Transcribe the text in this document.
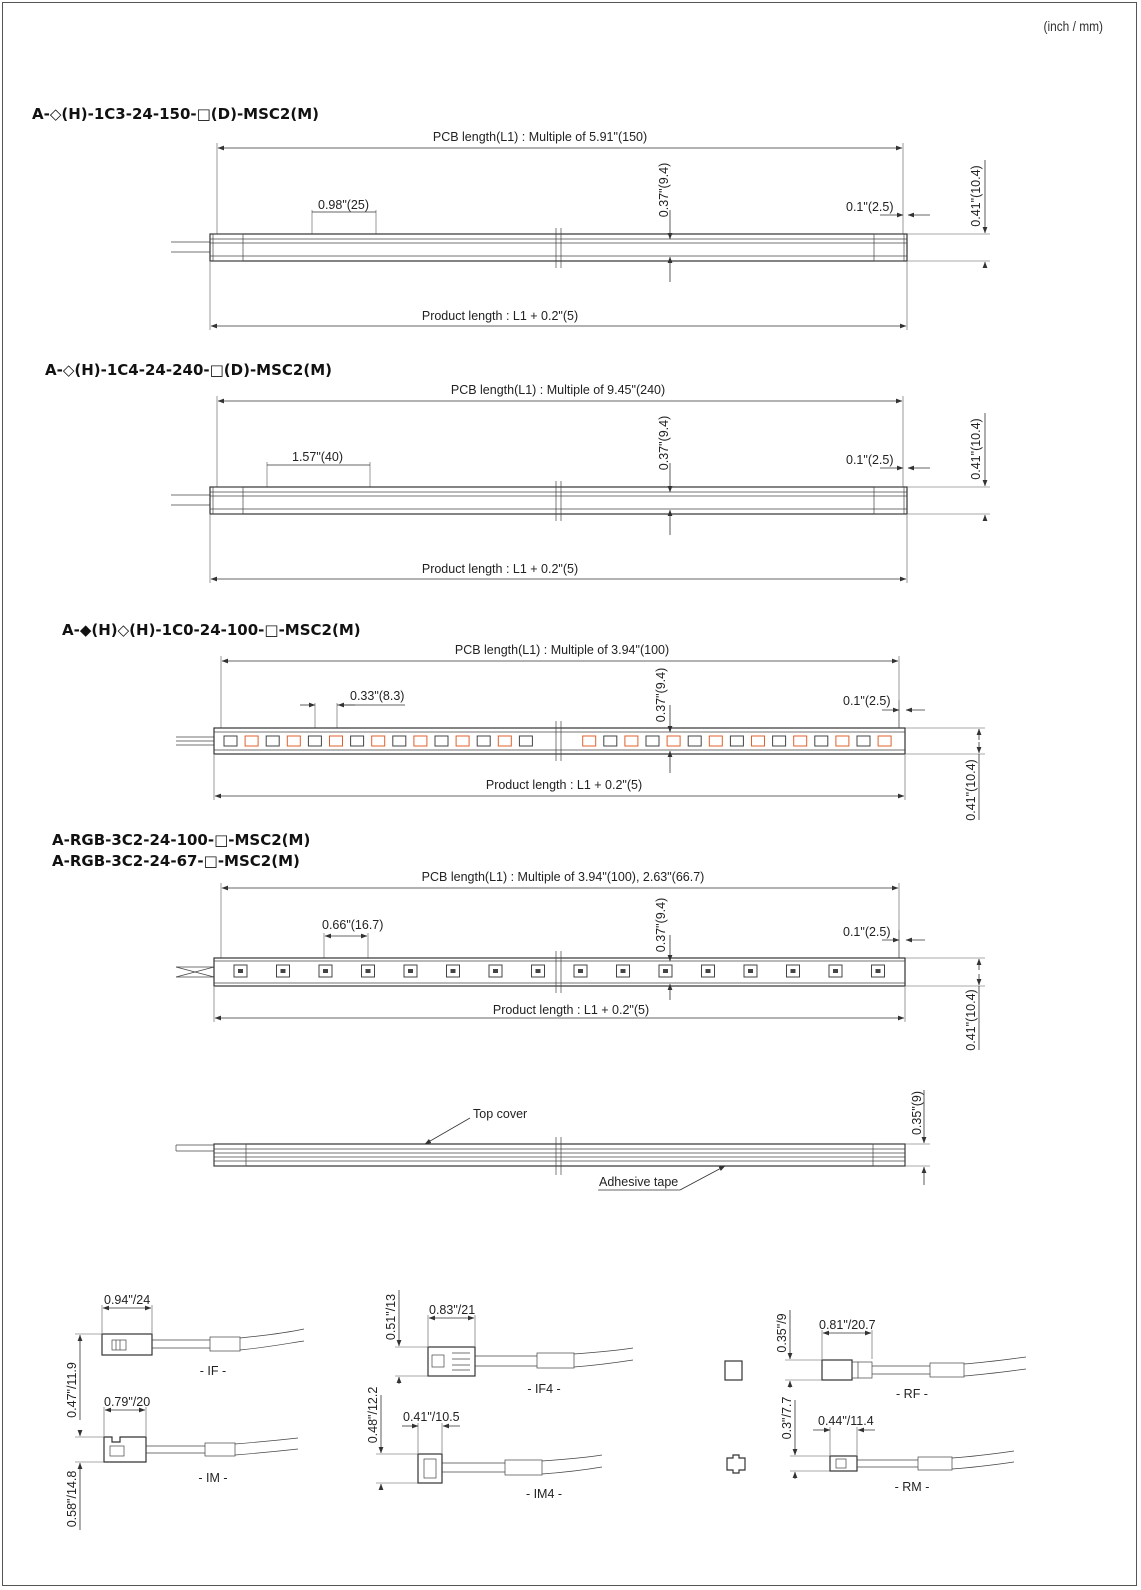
(inch / mm)
A-◇(H)-1C3-24-150-□(D)-MSC2(M)
A-◇(H)-1C4-24-240-□(D)-MSC2(M)
A-◆(H)◇(H)-1C0-24-100-□-MSC2(M)
A-RGB-3C2-24-100-□-MSC2(M)
A-RGB-3C2-24-67-□-MSC2(M)
PCB length(L1) : Multiple of 5.91"(150)
0.98"(25)	0.37"(9.4)	0.1"(2.5)	0.41"(10.4)
Product length : L1 + 0.2"(5)
PCB length(L1) : Multiple of 9.45"(240)
1.57"(40)	0.37"(9.4)	0.1"(2.5)	0.41"(10.4)
Product length : L1 + 0.2"(5)
PCB length(L1) : Multiple of 3.94"(100)
0.33"(8.3)	0.37"(9.4)	0.1"(2.5)
0.41"(10.4)
Product length : L1 + 0.2"(5)
PCB length(L1) : Multiple of 3.94"(100), 2.63"(66.7)
0.66"(16.7)	0.37"(9.4)	0.1"(2.5)
0.41"(10.4)
Product length : L1 + 0.2"(5)
Top cover
Adhesive tape
0.35"(9)
0.94"/24
- IF -
0.47"/11.9 0.79"/20
- IM -
0.58"/14.8
0.83"/21
- IF4 -
0.51"/13
0.41"/10.5
- IM4 -
0.48"/12.2
0.81"/20.7
- RF -
0.35"/9
0.44"/11.4
- RM -
0.3"/7.7
